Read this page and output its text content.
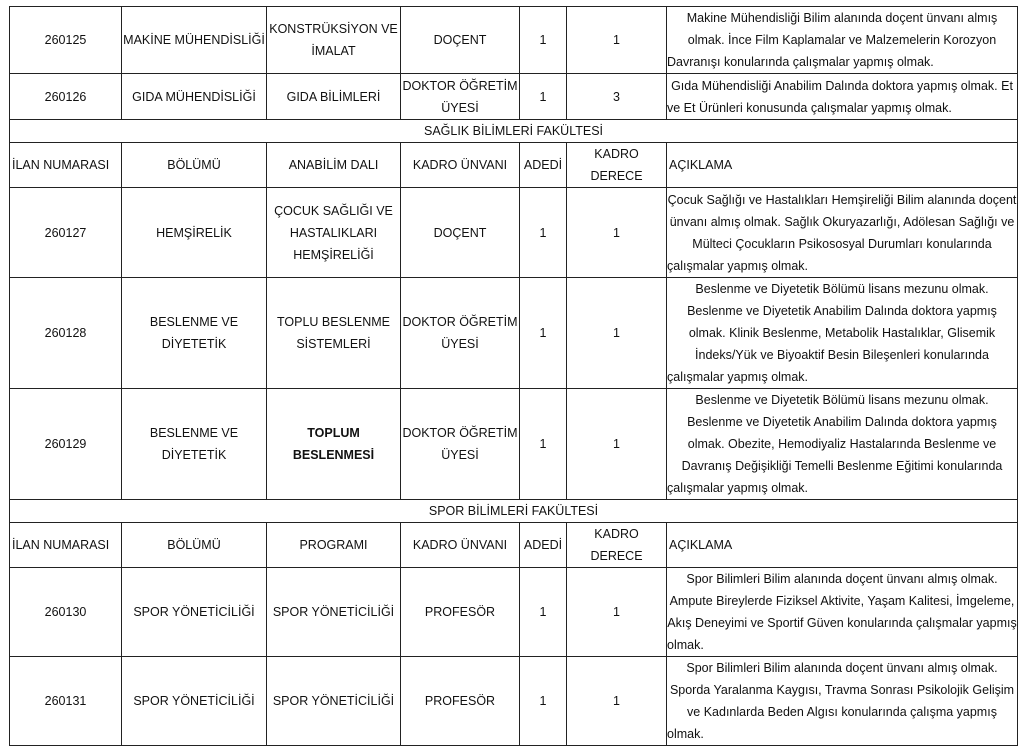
260125	MAKİNE MÜHENDİSLİĞİ	KONSTRÜKSİYON VE İMALAT	DOÇENT	1	1	Makine Mühendisliği Bilim alanında doçent ünvanı almış olmak. İnce Film Kaplamalar ve Malzemelerin Korozyon Davranışı konularında çalışmalar yapmış olmak.
260126	GIDA MÜHENDİSLİĞİ	GIDA BİLİMLERİ	DOKTOR ÖĞRETİM ÜYESİ	1	3	Gıda Mühendisliği Anabilim Dalında doktora yapmış olmak. Et ve Et Ürünleri konusunda çalışmalar yapmış olmak.
SAĞLIK BİLİMLERİ FAKÜLTESİ						
İLAN NUMARASI	BÖLÜMÜ	ANABİLİM DALI	KADRO ÜNVANI	ADEDİ	KADRO DERECE	AÇIKLAMA
260127	HEMŞİRELİK	ÇOCUK SAĞLIĞI VE HASTALIKLARI HEMŞİRELİĞİ	DOÇENT	1	1	Çocuk Sağlığı ve Hastalıkları Hemşireliği Bilim alanında doçent ünvanı almış olmak. Sağlık Okuryazarlığı, Adölesan Sağlığı ve Mülteci Çocukların Psikososyal Durumları konularında çalışmalar yapmış olmak.
260128	BESLENME VE DİYETETİK	TOPLU BESLENME SİSTEMLERİ	DOKTOR ÖĞRETİM ÜYESİ	1	1	Beslenme ve Diyetetik Bölümü lisans mezunu olmak. Beslenme ve Diyetetik Anabilim Dalında doktora yapmış olmak. Klinik Beslenme, Metabolik Hastalıklar, Glisemik İndeks/Yük ve Biyoaktif Besin Bileşenleri konularında çalışmalar yapmış olmak.
260129	BESLENME VE DİYETETİK	TOPLUM BESLENMESİ	DOKTOR ÖĞRETİM ÜYESİ	1	1	Beslenme ve Diyetetik Bölümü lisans mezunu olmak. Beslenme ve Diyetetik Anabilim Dalında doktora yapmış olmak. Obezite, Hemodiyaliz Hastalarında Beslenme ve Davranış Değişikliği Temelli Beslenme Eğitimi konularında çalışmalar yapmış olmak.
SPOR BİLİMLERİ FAKÜLTESİ						
İLAN NUMARASI	BÖLÜMÜ	PROGRAMI	KADRO ÜNVANI	ADEDİ	KADRO DERECE	AÇIKLAMA
260130	SPOR YÖNETİCİLİĞİ	SPOR YÖNETİCİLİĞİ	PROFESÖR	1	1	Spor Bilimleri Bilim alanında doçent ünvanı almış olmak. Ampute Bireylerde Fiziksel Aktivite, Yaşam Kalitesi, İmgeleme, Akış Deneyimi ve Sportif Güven konularında çalışmalar yapmış olmak.
260131	SPOR YÖNETİCİLİĞİ	SPOR YÖNETİCİLİĞİ	PROFESÖR	1	1	Spor Bilimleri Bilim alanında doçent ünvanı almış olmak. Sporda Yaralanma Kaygısı, Travma Sonrası Psikolojik Gelişim ve Kadınlarda Beden Algısı konularında çalışma yapmış olmak.
